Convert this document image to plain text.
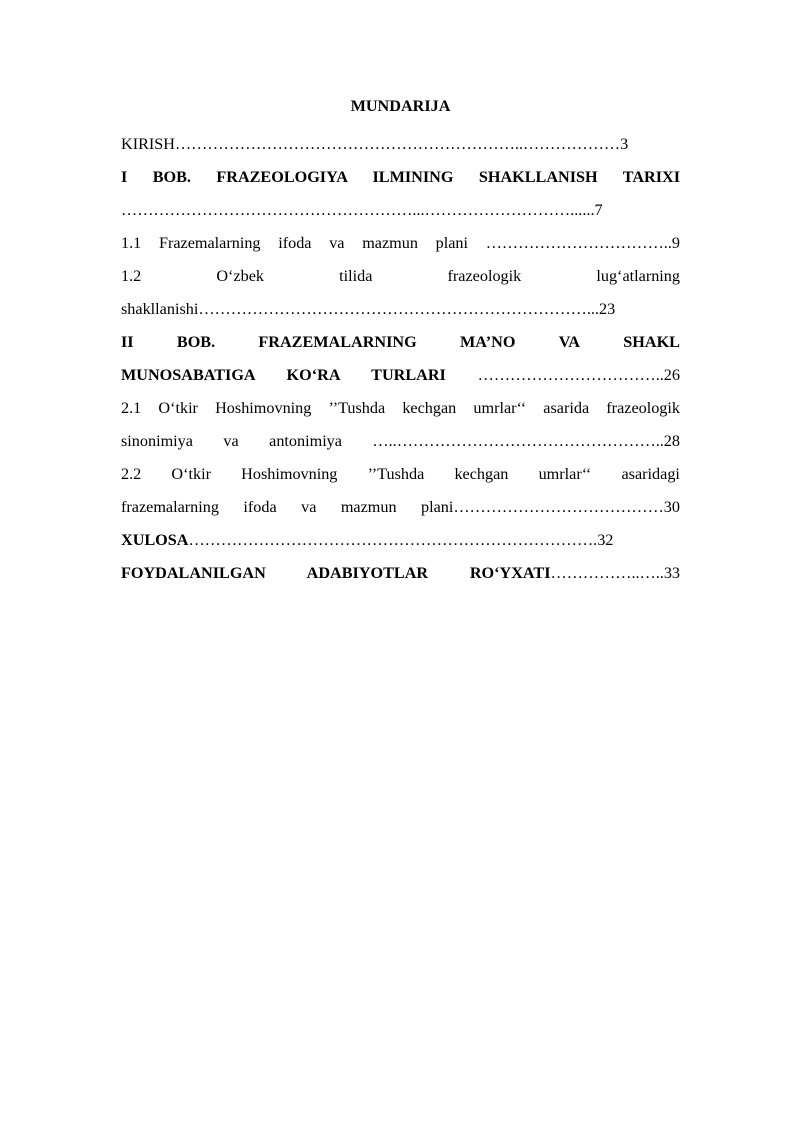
MUNDARIJA
KIRISH………………………………………………………..………………3
I BOB. FRAZEOLOGIYA ILMINING SHAKLLANISH TARIXI
………………………………………………...………………………......7
1.1 Frazemalarning ifoda va mazmun plani ……………………………..9
1.2	O‘zbek	tilida	frazeologik	lug‘atlarning
shakllanishi………………………………………………………………...23
II	BOB.	FRAZEMALARNING	MA’NO	VA	SHAKL
MUNOSABATIGA KO‘RA TURLARI ……………………………..26
2.1 O‘tkir Hoshimovning ’’Tushda kechgan umrlar‘‘ asarida frazeologik
sinonimiya va antonimiya …..…………………………………………..28
2.2 O‘tkir Hoshimovning ’’Tushda kechgan umrlar‘‘ asaridagi
frazemalarning ifoda va mazmun plani…………………………………30
XULOSA………………………………………………………………….32
FOYDALANILGAN ADABIYOTLAR RO‘YXATI……………..…..33
